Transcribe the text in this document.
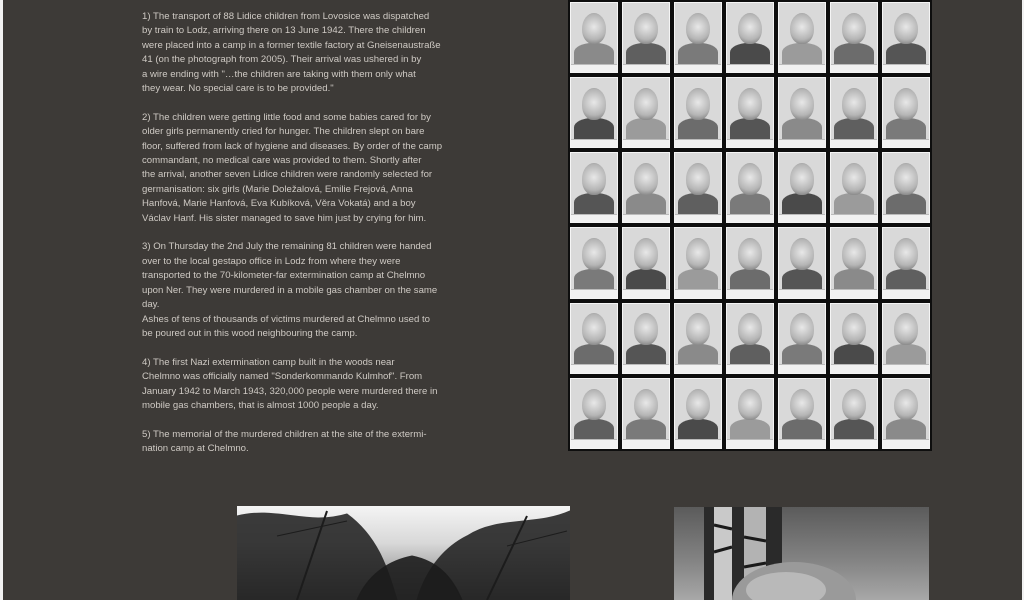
1) The transport of 88 Lidice children from Lovosice was dispatched
by train to Lodz, arriving there on 13 June 1942. There the children
were placed into a camp in a former textile factory at Gneisenaustraße
41 (on the photograph from 2005). Their arrival was ushered in by
a wire ending with "…the children are taking with them only what
they wear. No special care is to be provided."
2) The children were getting little food and some babies cared for by
older girls permanently cried for hunger. The children slept on bare
floor, suffered from lack of hygiene and diseases. By order of the camp
commandant, no medical care was provided to them. Shortly after
the arrival, another seven Lidice children were randomly selected for
germanisation: six girls (Marie Doležalová, Emilie Frejová, Anna
Hanfová, Marie Hanfová, Eva Kubíková, Věra Vokatá) and a boy
Václav Hanf. His sister managed to save him just by crying for him.
3) On Thursday the 2nd July the remaining 81 children were handed
over to the local gestapo office in Lodz from where they were
transported to the 70-kilometer-far extermination camp at Chelmno
upon Ner. They were murdered in a mobile gas chamber on the same
day.
Ashes of tens of thousands of victims murdered at Chelmno used to
be poured out in this wood neighbouring the camp.
4) The first Nazi extermination camp built in the woods near
Chelmno was officially named "Sonderkommando Kulmhof". From
January 1942 to March 1943, 320,000 people were murdered there in
mobile gas chambers, that is almost 1000 people a day.
5) The memorial of the murdered children at the site of the extermi-
nation camp at Chelmno.
